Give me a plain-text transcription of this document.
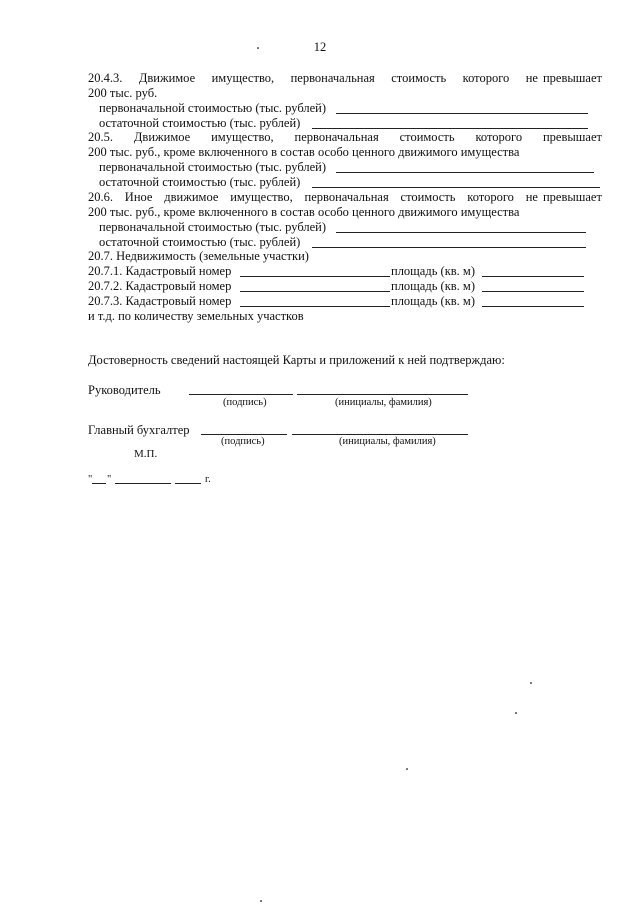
12
20.4.3. Движимое имущество, первоначальная стоимость которого не превышает
200 тыс. руб.
первоначальной стоимостью (тыс. рублей)
остаточной стоимостью (тыс. рублей)
20.5. Движимое имущество, первоначальная стоимость которого превышает
200 тыс. руб., кроме включенного в состав особо ценного движимого имущества
первоначальной стоимостью (тыс. рублей)
остаточной стоимостью (тыс. рублей)
20.6. Иное движимое имущество, первоначальная стоимость которого не превышает
200 тыс. руб., кроме включенного в состав особо ценного движимого имущества
первоначальной стоимостью (тыс. рублей)
остаточной стоимостью (тыс. рублей)
20.7. Недвижимость (земельные участки)
20.7.1. Кадастровый номер	площадь (кв. м)
20.7.2. Кадастровый номер	площадь (кв. м)
20.7.3. Кадастровый номер	площадь (кв. м)
и т.д. по количеству земельных участков
Достоверность сведений настоящей Карты и приложений к ней подтверждаю:
Руководитель
(подпись)	(инициалы, фамилия)
Главный бухгалтер
(подпись)	(инициалы, фамилия)
М.П.
" "	г.
